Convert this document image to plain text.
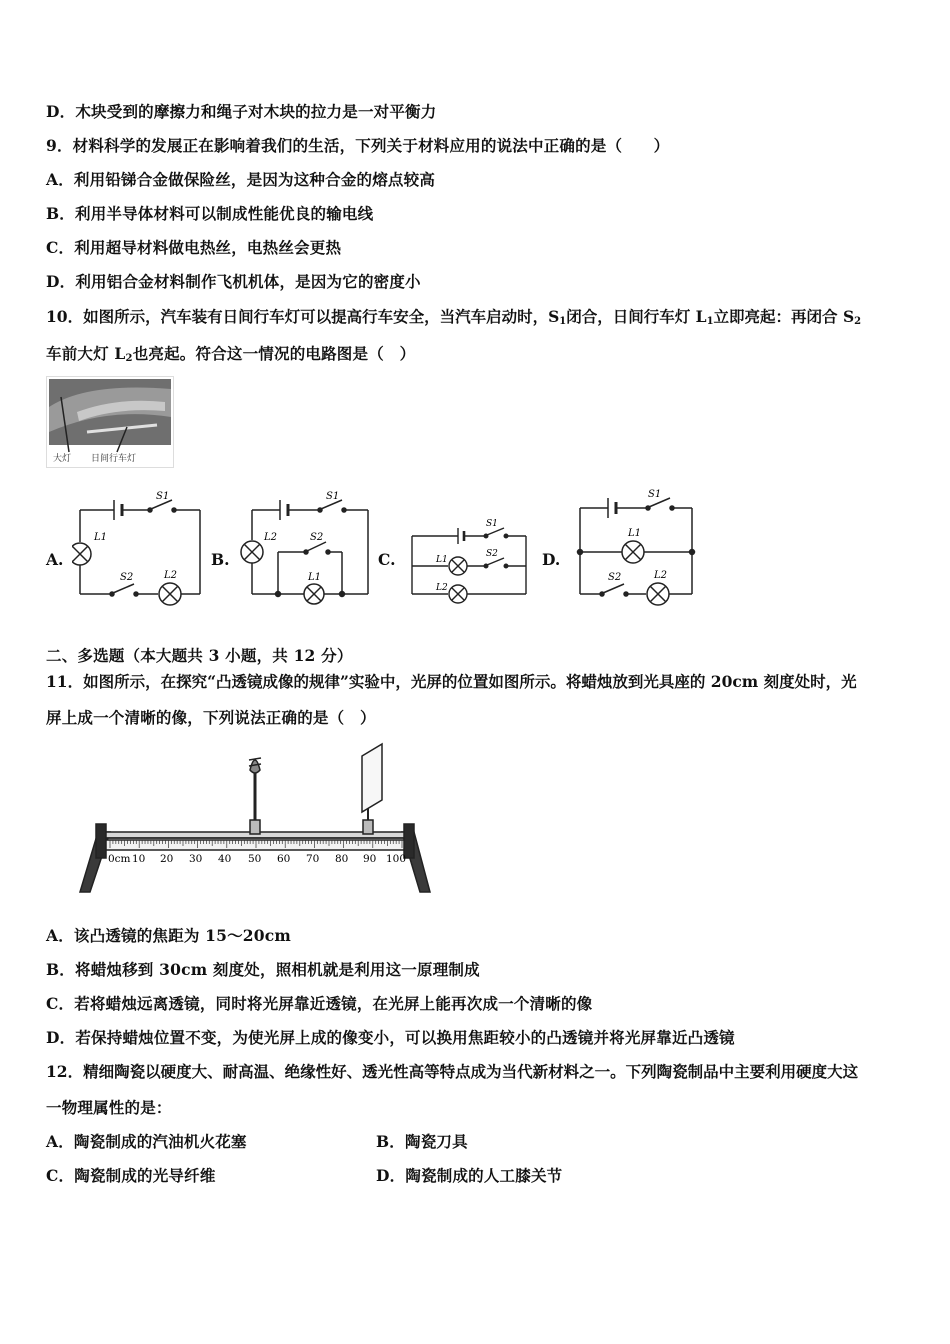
D．木块受到的摩擦力和绳子对木块的拉力是一对平衡力
9．材料科学的发展正在影响着我们的生活，下列关于材料应用的说法中正确的是（　　）
A．利用铅锑合金做保险丝，是因为这种合金的熔点较高
B．利用半导体材料可以制成性能优良的输电线
C．利用超导材料做电热丝，电热丝会更热
D．利用铝合金材料制作飞机机体，是因为它的密度小
10．如图所示，汽车装有日间行车灯可以提高行车安全，当汽车启动时，$S_1$闭合，日间行车灯 $L_1$立即亮起：再闭合 $S_2$
车前大灯 $L_2$也亮起。符合这一情况的电路图是（　）
大灯 日间行车灯
A.	B.	C.	D.
S1
L1
S2	L2
S1
L2	S2
L1
S1
L1
S2
L2
S1
L1
S2	L2
二、多选题（本大题共 3 小题，共 12 分）
11．如图所示，在探究“凸透镜成像的规律”实验中，光屏的位置如图所示。将蜡烛放到光具座的 20cm 刻度处时，光
屏上成一个清晰的像，下列说法正确的是（　）
0cm 10 20 30 40 50 60 70 80 90 100
A．该凸透镜的焦距为 15～20cm
B．将蜡烛移到 30cm 刻度处，照相机就是利用这一原理制成
C．若将蜡烛远离透镜，同时将光屏靠近透镜，在光屏上能再次成一个清晰的像
D．若保持蜡烛位置不变，为使光屏上成的像变小，可以换用焦距较小的凸透镜并将光屏靠近凸透镜
12．精细陶瓷以硬度大、耐高温、绝缘性好、透光性高等特点成为当代新材料之一。下列陶瓷制品中主要利用硬度大这
一物理属性的是：
A．陶瓷制成的汽油机火花塞	B．陶瓷刀具
C．陶瓷制成的光导纤维	D．陶瓷制成的人工膝关节
